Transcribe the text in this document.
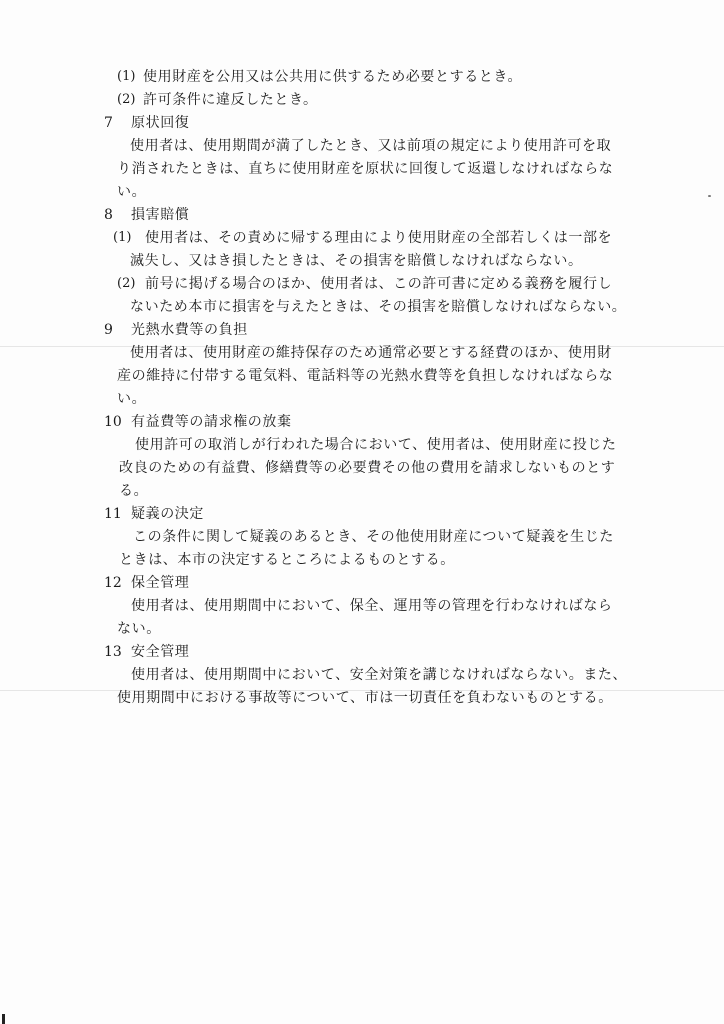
(1) 使用財産を公用又は公共用に供するため必要とするとき。
(2) 許可条件に違反したとき。
7 原状回復
使用者は、使用期間が満了したとき、又は前項の規定により使用許可を取
り消されたときは、直ちに使用財産を原状に回復して返還しなければならな
い。
8 損害賠償
(1) 使用者は、その責めに帰する理由により使用財産の全部若しくは一部を
滅失し、又はき損したときは、その損害を賠償しなければならない。
(2) 前号に掲げる場合のほか、使用者は、この許可書に定める義務を履行し
ないため本市に損害を与えたときは、その損害を賠償しなければならない。
9 光熱水費等の負担
使用者は、使用財産の維持保存のため通常必要とする経費のほか、使用財
産の維持に付帯する電気料、電話料等の光熱水費等を負担しなければならな
い。
10 有益費等の請求権の放棄
使用許可の取消しが行われた場合において、使用者は、使用財産に投じた
改良のための有益費、修繕費等の必要費その他の費用を請求しないものとす
る。
11 疑義の決定
この条件に関して疑義のあるとき、その他使用財産について疑義を生じた
ときは、本市の決定するところによるものとする。
12 保全管理
使用者は、使用期間中において、保全、運用等の管理を行わなければなら
ない。
13 安全管理
使用者は、使用期間中において、安全対策を講じなければならない。また、
使用期間中における事故等について、市は一切責任を負わないものとする。
